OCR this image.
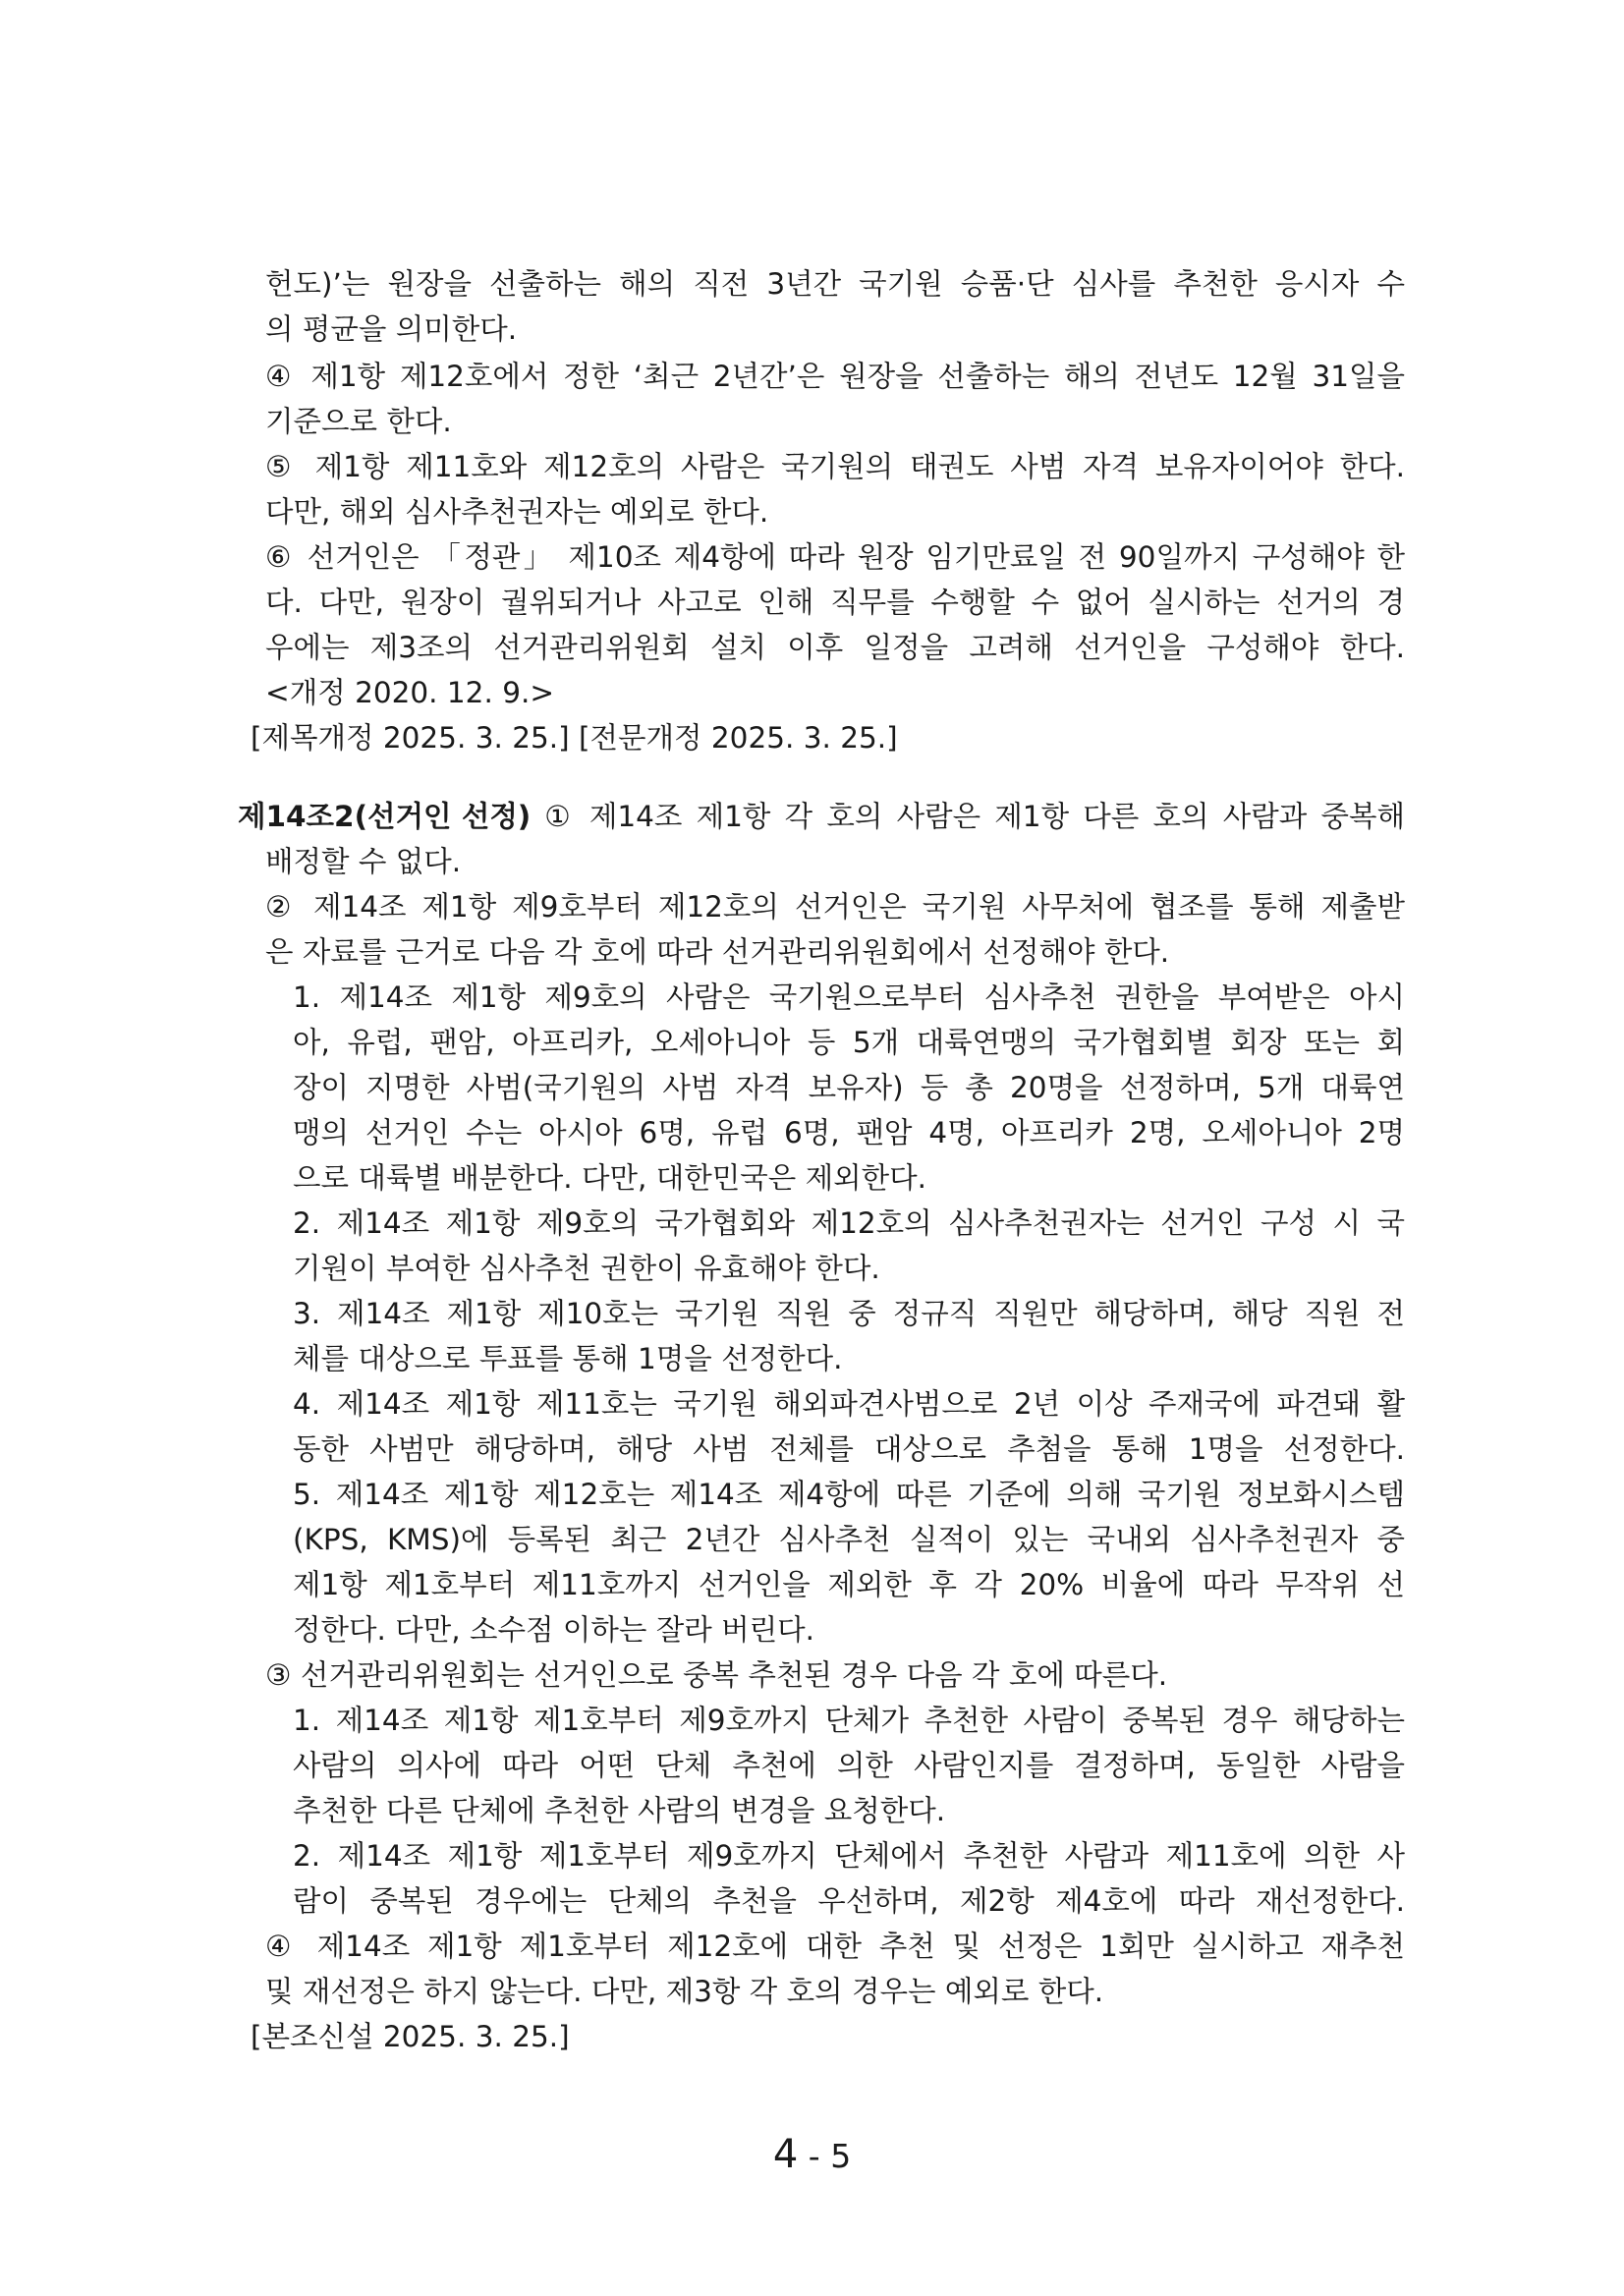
헌도)’는 원장을 선출하는 해의 직전 3년간 국기원 승품·단 심사를 추천한 응시자 수
의 평균을 의미한다.
④ 제1항 제12호에서 정한 ‘최근 2년간’은 원장을 선출하는 해의 전년도 12월 31일을
기준으로 한다.
⑤ 제1항 제11호와 제12호의 사람은 국기원의 태권도 사범 자격 보유자이어야 한다.
다만, 해외 심사추천권자는 예외로 한다.
⑥ 선거인은 「정관」 제10조 제4항에 따라 원장 임기만료일 전 90일까지 구성해야 한
다. 다만, 원장이 궐위되거나 사고로 인해 직무를 수행할 수 없어 실시하는 선거의 경
우에는 제3조의 선거관리위원회 설치 이후 일정을 고려해 선거인을 구성해야 한다.
<개정 2020. 12. 9.>
[제목개정 2025. 3. 25.] [전문개정 2025. 3. 25.]
제14조2(선거인 선정) ① 제14조 제1항 각 호의 사람은 제1항 다른 호의 사람과 중복해
배정할 수 없다.
② 제14조 제1항 제9호부터 제12호의 선거인은 국기원 사무처에 협조를 통해 제출받
은 자료를 근거로 다음 각 호에 따라 선거관리위원회에서 선정해야 한다.
1. 제14조 제1항 제9호의 사람은 국기원으로부터 심사추천 권한을 부여받은 아시
아, 유럽, 팬암, 아프리카, 오세아니아 등 5개 대륙연맹의 국가협회별 회장 또는 회
장이 지명한 사범(국기원의 사범 자격 보유자) 등 총 20명을 선정하며, 5개 대륙연
맹의 선거인 수는 아시아 6명, 유럽 6명, 팬암 4명, 아프리카 2명, 오세아니아 2명
으로 대륙별 배분한다. 다만, 대한민국은 제외한다.
2. 제14조 제1항 제9호의 국가협회와 제12호의 심사추천권자는 선거인 구성 시 국
기원이 부여한 심사추천 권한이 유효해야 한다.
3. 제14조 제1항 제10호는 국기원 직원 중 정규직 직원만 해당하며, 해당 직원 전
체를 대상으로 투표를 통해 1명을 선정한다.
4. 제14조 제1항 제11호는 국기원 해외파견사범으로 2년 이상 주재국에 파견돼 활
동한 사범만 해당하며, 해당 사범 전체를 대상으로 추첨을 통해 1명을 선정한다.
5. 제14조 제1항 제12호는 제14조 제4항에 따른 기준에 의해 국기원 정보화시스템
(KPS, KMS)에 등록된 최근 2년간 심사추천 실적이 있는 국내외 심사추천권자 중
제1항 제1호부터 제11호까지 선거인을 제외한 후 각 20% 비율에 따라 무작위 선
정한다. 다만, 소수점 이하는 잘라 버린다.
③ 선거관리위원회는 선거인으로 중복 추천된 경우 다음 각 호에 따른다.
1. 제14조 제1항 제1호부터 제9호까지 단체가 추천한 사람이 중복된 경우 해당하는
사람의 의사에 따라 어떤 단체 추천에 의한 사람인지를 결정하며, 동일한 사람을
추천한 다른 단체에 추천한 사람의 변경을 요청한다.
2. 제14조 제1항 제1호부터 제9호까지 단체에서 추천한 사람과 제11호에 의한 사
람이 중복된 경우에는 단체의 추천을 우선하며, 제2항 제4호에 따라 재선정한다.
④ 제14조 제1항 제1호부터 제12호에 대한 추천 및 선정은 1회만 실시하고 재추천
및 재선정은 하지 않는다. 다만, 제3항 각 호의 경우는 예외로 한다.
[본조신설 2025. 3. 25.]
4 - 5
